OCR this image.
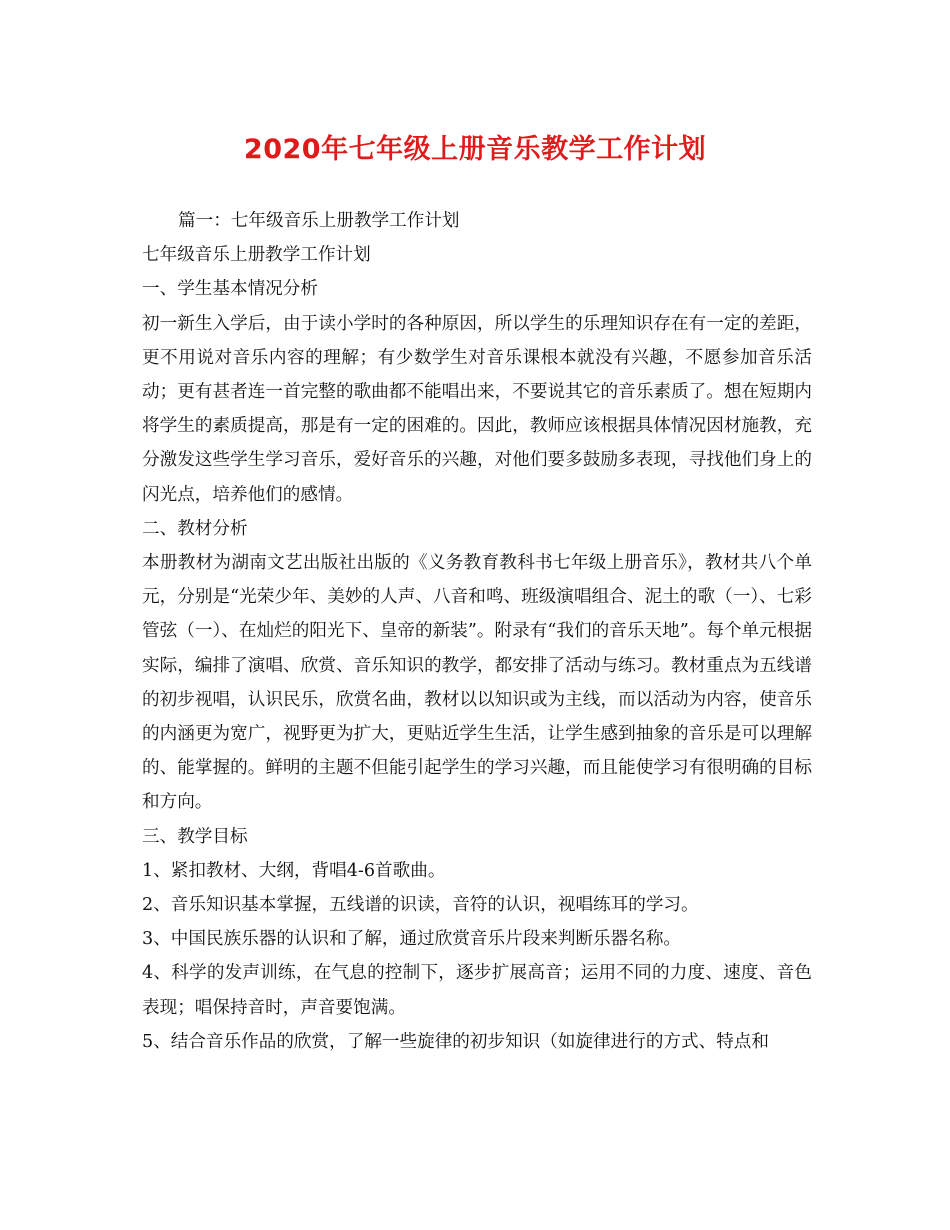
2020年七年级上册音乐教学工作计划

篇一：七年级音乐上册教学工作计划

七年级音乐上册教学工作计划

一、学生基本情况分析

初一新生入学后，由于读小学时的各种原因，所以学生的乐理知识存在有一定的差距，更不用说对音乐内容的理解；有少数学生对音乐课根本就没有兴趣，不愿参加音乐活动；更有甚者连一首完整的歌曲都不能唱出来，不要说其它的音乐素质了。想在短期内将学生的素质提高，那是有一定的困难的。因此，教师应该根据具体情况因材施教，充分激发这些学生学习音乐，爱好音乐的兴趣，对他们要多鼓励多表现，寻找他们身上的闪光点，培养他们的感情。

二、教材分析

本册教材为湖南文艺出版社出版的《义务教育教科书七年级上册音乐》，教材共八个单元，分别是“光荣少年、美妙的人声、八音和鸣、班级演唱组合、泥土的歌（一）、七彩管弦（一）、在灿烂的阳光下、皇帝的新装”。附录有“我们的音乐天地”。每个单元根据实际，编排了演唱、欣赏、音乐知识的教学，都安排了活动与练习。教材重点为五线谱的初步视唱，认识民乐，欣赏名曲，教材以以知识或为主线，而以活动为内容，使音乐的内涵更为宽广，视野更为扩大，更贴近学生生活，让学生感到抽象的音乐是可以理解的、能掌握的。鲜明的主题不但能引起学生的学习兴趣，而且能使学习有很明确的目标和方向。

三、教学目标

1、紧扣教材、大纲，背唱4-6首歌曲。

2、音乐知识基本掌握，五线谱的识读，音符的认识，视唱练耳的学习。

3、中国民族乐器的认识和了解，通过欣赏音乐片段来判断乐器名称。

4、科学的发声训练，在气息的控制下，逐步扩展高音；运用不同的力度、速度、音色表现；唱保持音时，声音要饱满。

5、结合音乐作品的欣赏，了解一些旋律的初步知识（如旋律进行的方式、特点和
